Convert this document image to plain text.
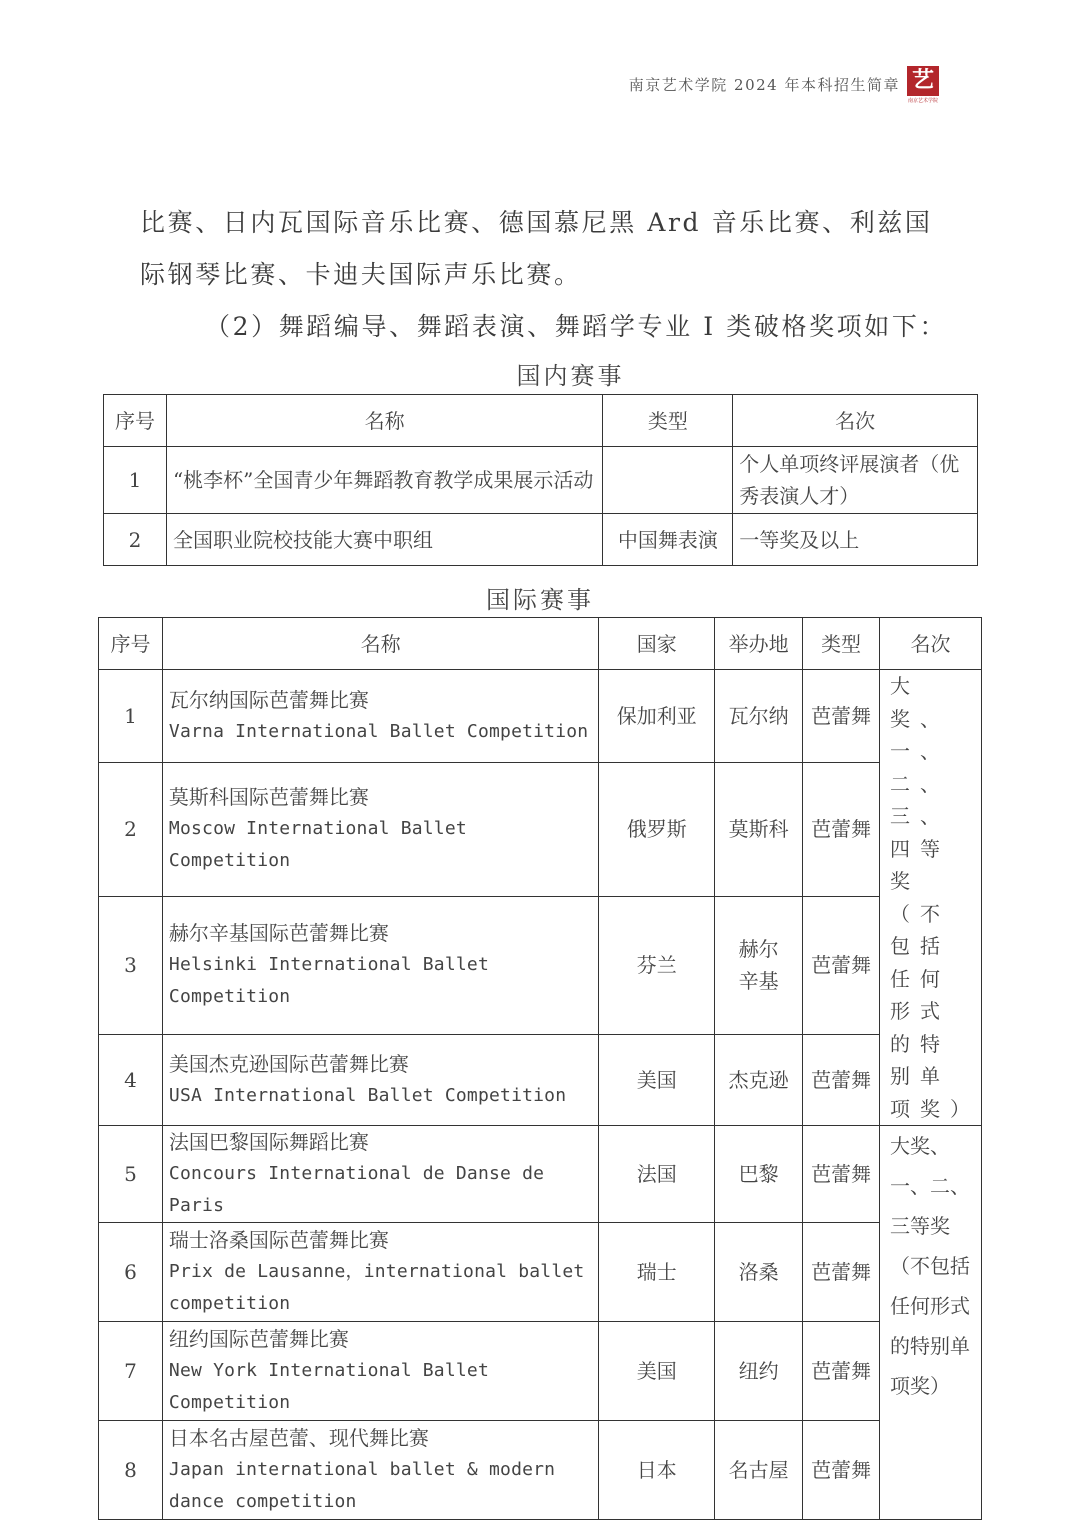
南京艺术学院 2024 年本科招生简章 艺
南京艺术学院
比赛、日内瓦国际音乐比赛、德国慕尼黑 Ard 音乐比赛、利兹国
际钢琴比赛、卡迪夫国际声乐比赛。
（2）舞蹈编导、舞蹈表演、舞蹈学专业 I 类破格奖项如下：
国内赛事
序号	名称	类型	名次
1	“桃李杯”全国青少年舞蹈教育教学成果展示活动		个人单项终评展演者（优秀表演人才）
2	全国职业院校技能大赛中职组	中国舞表演	一等奖及以上
国际赛事
序号	名称	国家	举办地	类型	名次
1	瓦尔纳国际芭蕾舞比赛
Varna International Ballet Competition	保加利亚	瓦尔纳	芭蕾舞	大奖、一、二、三、四等奖（不包括任何形式的特别单项奖）
2	莫斯科国际芭蕾舞比赛
Moscow International Ballet Competition	俄罗斯	莫斯科	芭蕾舞	
3	赫尔辛基国际芭蕾舞比赛
Helsinki International Ballet Competition	芬兰	赫尔辛基	芭蕾舞	
4	美国杰克逊国际芭蕾舞比赛
USA International Ballet Competition	美国	杰克逊	芭蕾舞	
5	法国巴黎国际舞蹈比赛
Concours International de Danse de Paris	法国	巴黎	芭蕾舞	大奖、一、二、三等奖（不包括任何形式的特别单项奖）
6	瑞士洛桑国际芭蕾舞比赛
Prix de Lausanne，international ballet competition	瑞士	洛桑	芭蕾舞	
7	纽约国际芭蕾舞比赛
New York International Ballet Competition	美国	纽约	芭蕾舞	
8	日本名古屋芭蕾、现代舞比赛
Japan international ballet & modern dance competition	日本	名古屋	芭蕾舞	
